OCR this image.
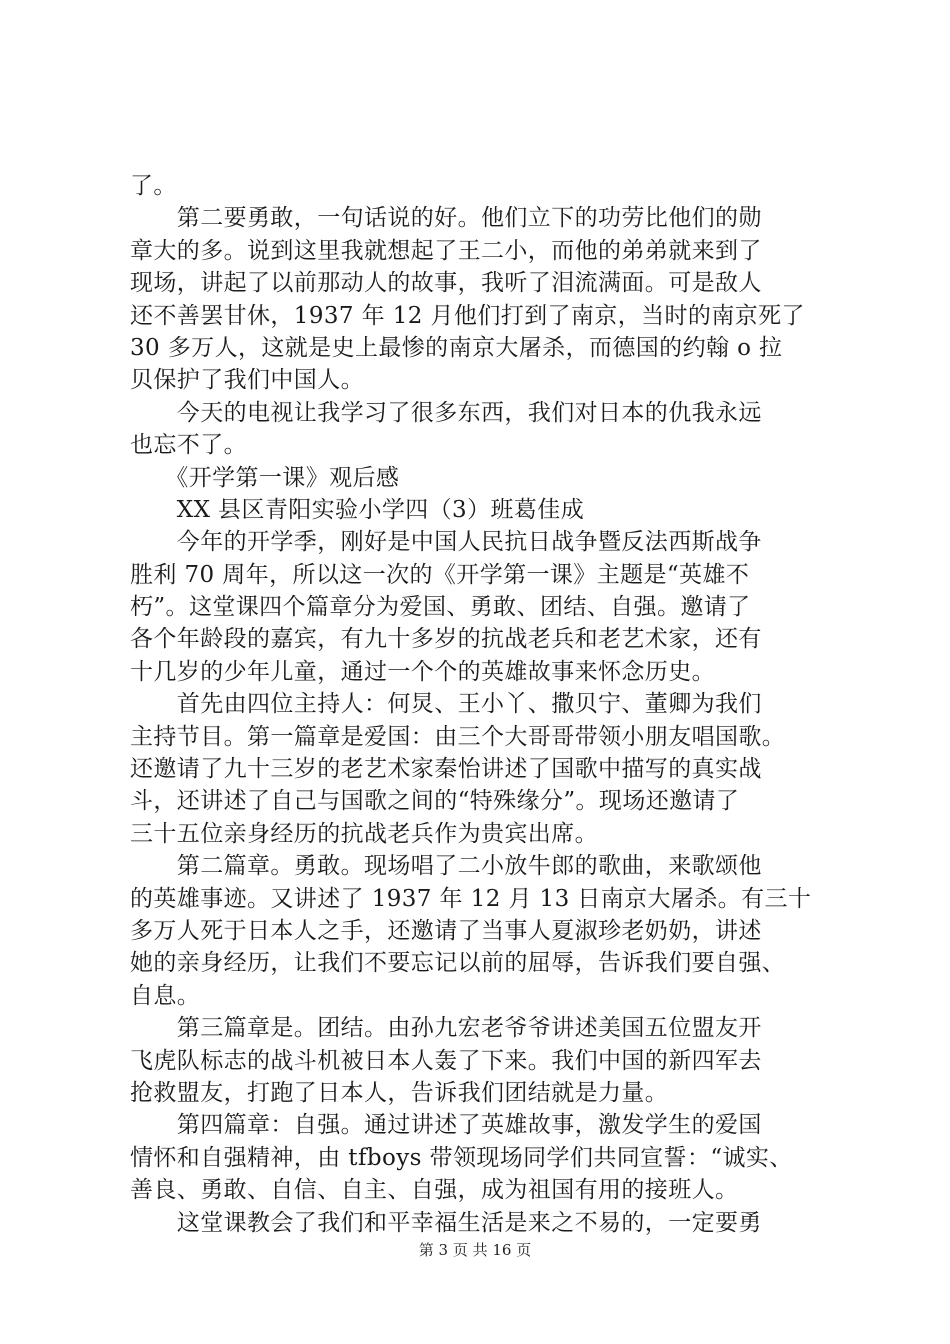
了。
　　第二要勇敢，一句话说的好。他们立下的功劳比他们的勋
章大的多。说到这里我就想起了王二小，而他的弟弟就来到了
现场，讲起了以前那动人的故事，我听了泪流满面。可是敌人
还不善罢甘休，1937 年 12 月他们打到了南京，当时的南京死了
30 多万人，这就是史上最惨的南京大屠杀，而德国的约翰 o 拉
贝保护了我们中国人。
　　今天的电视让我学习了很多东西，我们对日本的仇我永远
也忘不了。
　　《开学第一课》观后感
　　XX 县区青阳实验小学四（3）班葛佳成
　　今年的开学季，刚好是中国人民抗日战争暨反法西斯战争
胜利 70 周年，所以这一次的《开学第一课》主题是“英雄不
朽”。这堂课四个篇章分为爱国、勇敢、团结、自强。邀请了
各个年龄段的嘉宾，有九十多岁的抗战老兵和老艺术家，还有
十几岁的少年儿童，通过一个个的英雄故事来怀念历史。
　　首先由四位主持人：何炅、王小丫、撒贝宁、董卿为我们
主持节目。第一篇章是爱国：由三个大哥哥带领小朋友唱国歌。
还邀请了九十三岁的老艺术家秦怡讲述了国歌中描写的真实战
斗，还讲述了自己与国歌之间的“特殊缘分”。现场还邀请了
三十五位亲身经历的抗战老兵作为贵宾出席。
　　第二篇章。勇敢。现场唱了二小放牛郎的歌曲，来歌颂他
的英雄事迹。又讲述了 1937 年 12 月 13 日南京大屠杀。有三十
多万人死于日本人之手，还邀请了当事人夏淑珍老奶奶，讲述
她的亲身经历，让我们不要忘记以前的屈辱，告诉我们要自强、
自息。
　　第三篇章是。团结。由孙九宏老爷爷讲述美国五位盟友开
飞虎队标志的战斗机被日本人轰了下来。我们中国的新四军去
抢救盟友，打跑了日本人，告诉我们团结就是力量。
　　第四篇章：自强。通过讲述了英雄故事，激发学生的爱国
情怀和自强精神，由 tfboys 带领现场同学们共同宣誓：“诚实、
善良、勇敢、自信、自主、自强，成为祖国有用的接班人。
　　这堂课教会了我们和平幸福生活是来之不易的，一定要勇
第 3 页 共 16 页
